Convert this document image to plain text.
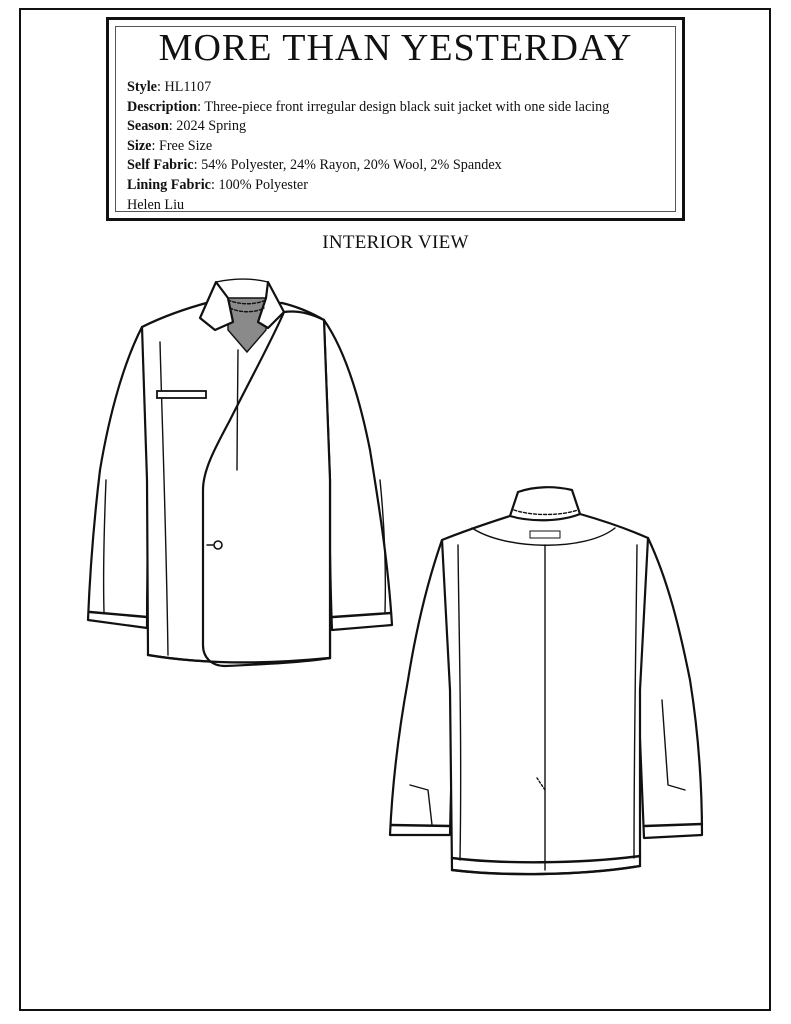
MORE THAN YESTERDAY
Style: HL1107
Description: Three-piece front irregular design black suit jacket with one side lacing
Season: 2024 Spring
Size: Free Size
Self Fabric: 54% Polyester, 24% Rayon, 20% Wool, 2% Spandex
Lining Fabric: 100% Polyester
Helen Liu
INTERIOR VIEW
